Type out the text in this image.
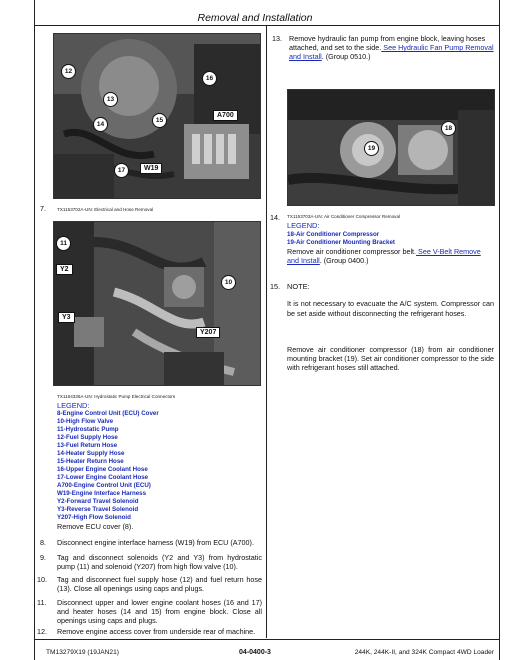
Removal and Installation
12
13
14
15
16
17
A700
W19
7. TX1153702A-UN: Electrical and Hose Removal
11
10
Y2
Y3
Y207
TX1164336A-UN: Hydrostatic Pump Electrical Connectors
LEGEND:
8-Engine Control Unit (ECU) Cover
10-High Flow Valve
11-Hydrostatic Pump
12-Fuel Supply Hose
13-Fuel Return Hose
14-Heater Supply Hose
15-Heater Return Hose
16-Upper Engine Coolant Hose
17-Lower Engine Coolant Hose
A700-Engine Control Unit (ECU)
W19-Engine Interface Harness
Y2-Forward Travel Solenoid
Y3-Reverse Travel Solenoid
Y207-High Flow Solenoid
Remove ECU cover (8).
8. Disconnect engine interface harness (W19) from ECU (A700).
9. Tag and disconnect solenoids (Y2 and Y3) from hydrostatic pump (11) and solenoid (Y207) from high flow valve (10).
10. Tag and disconnect fuel supply hose (12) and fuel return hose (13). Close all openings using caps and plugs.
11. Disconnect upper and lower engine coolant hoses (16 and 17) and heater hoses (14 and 15) from engine block. Close all openings using caps and plugs.
12. Remove engine access cover from underside rear of machine.
13. Remove hydraulic fan pump from engine block, leaving hoses attached, and set to the side. See Hydraulic Fan Pump Removal and Install. (Group 0510.)
18
19
14. TX1153703A-UN: Air Conditioner Compressor Removal
LEGEND:
18-Air Conditioner Compressor
19-Air Conditioner Mounting Bracket
Remove air conditioner compressor belt. See V-Belt Remove and Install. (Group 0400.)
15. NOTE:
It is not necessary to evacuate the A/C system. Compressor can be set aside without disconnecting the refrigerant hoses.
Remove air conditioner compressor (18) from air conditioner mounting bracket (19). Set air conditioner compressor to the side with refrigerant hoses still attached.
TM13279X19 (19JAN21)	04-0400-3	244K, 244K-II, and 324K Compact 4WD Loader
